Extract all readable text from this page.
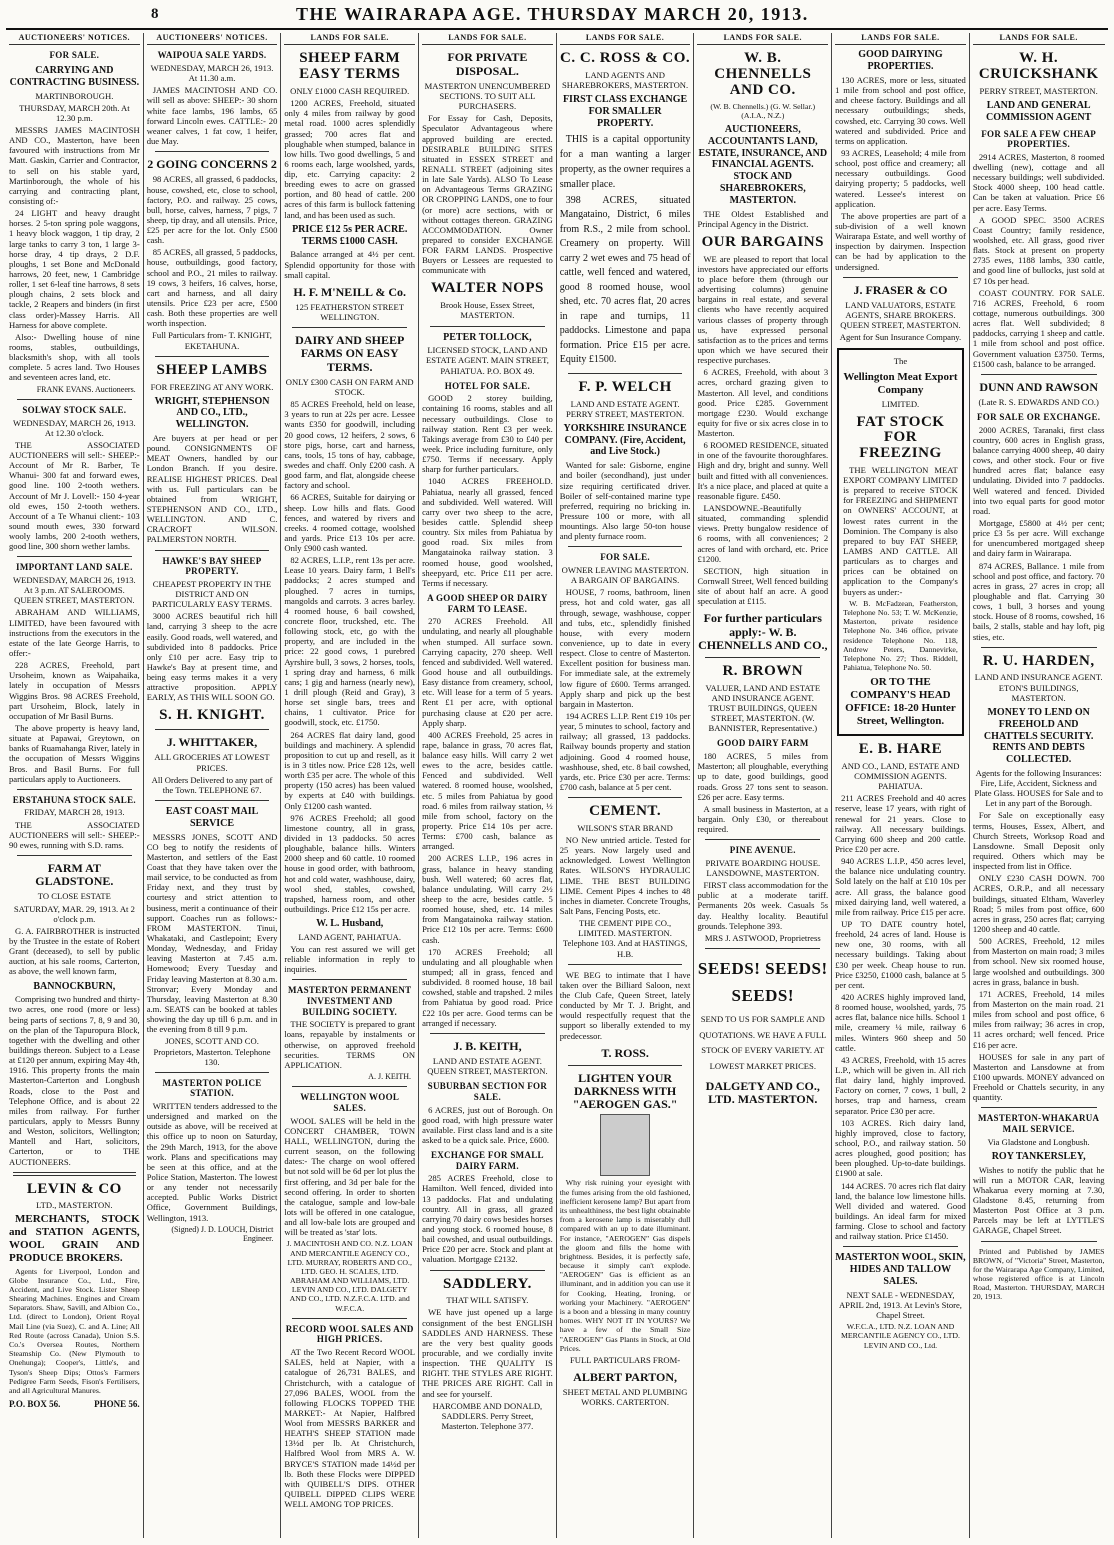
8	THE WAIRARAPA AGE. THURSDAY MARCH 20, 1913.
AUCTIONEERS' NOTICES.
FOR SALE.
CARRYING AND CONTRACTING BUSINESS.
MARTINBOROUGH.
THURSDAY, MARCH 20th. At 12.30 p.m.
MESSRS JAMES MACINTOSH AND CO., Masterton, have been favoured with instructions from Mr Matt. Gaskin, Carrier and Contractor, to sell on his stable yard, Martinborough, the whole of his carrying and contracting plant, consisting of:-
24 LIGHT and heavy draught horses. 2 5-ton spring pole waggons, 1 heavy block waggon, 1 tip dray, 2 large tanks to carry 3 ton, 1 large 3-horse dray, 4 tip drays, 2 D.F. ploughs, 1 set Bone and McDonald harrows, 20 feet, new, 1 Cambridge roller, 1 set 6-leaf tine harrows, 8 sets plough chains, 2 sets block and tackle, 2 Reapers and binders (in first class order)-Massey Harris. All Harness for above complete.
Also:- Dwelling house of nine rooms, stables, outbuildings, blacksmith's shop, with all tools complete. 5 acres land. Two Houses and seventeen acres land, etc.
FRANK EVANS. Auctioneers.
SOLWAY STOCK SALE.
WEDNESDAY, MARCH 26, 1913. At 12.30 o'clock.
THE ASSOCIATED AUCTIONEERS will sell:- SHEEP:- Account of Mr R. Barber, Te Whanui- 300 fat and forward ewes, good line. 100 2-tooth wethers. Account of Mr J. Lovell:- 150 4-year old ewes, 150 2-tooth wethers. Account of a Te Whanui client:- 103 sound mouth ewes, 330 forward wooly lambs, 200 2-tooth wethers, good line, 300 shorn wether lambs.
IMPORTANT LAND SALE.
WEDNESDAY, MARCH 26, 1913. At 3 p.m. AT SALEROOMS. QUEEN STREET, MASTERTON.
ABRAHAM AND WILLIAMS, LIMITED, have been favoured with instructions from the executors in the estate of the late George Harris, to offer:-
228 ACRES, Freehold, part Ursoheim, known as Waipahaika, lately in occupation of Messrs Wiggins Bros. 98 ACRES Freehold, part Ursoheim, Block, lately in occupation of Mr Basil Burns.
The above property is heavy land, situate at Papawai, Greytown, on banks of Ruamahanga River, lately in the occupation of Messrs Wiggins Bros. and Basil Burns. For full particulars apply to Auctioneers.
ERSTAHUNA STOCK SALE.
FRIDAY, MARCH 28, 1913.
THE ASSOCIATED AUCTIONEERS will sell:- SHEEP:- 90 ewes, running with S.D. rams.
FARM AT GLADSTONE.
TO CLOSE ESTATE
SATURDAY, MAR. 29, 1913. At 2 o'clock p.m.
G. A. FAIRBROTHER is instructed by the Trustee in the estate of Robert Grant (deceased), to sell by public auction, at his sale rooms, Carterton, as above, the well known farm,
BANNOCKBURN,
Comprising two hundred and thirty-two acres, one rood (more or less) being parts of sections 7, 8, 9 and 30, on the plan of the Tapuropura Block, together with the dwelling and other buildings thereon. Subject to a Lease at £120 per annum, expiring May 4th, 1916. This property fronts the main Masterton-Carterton and Longbush Roads, close to the Post and Telephone Office, and is about 22 miles from railway. For further particulars, apply to Messrs Bunny and Weston, solicitors, Wellington; Mantell and Hart, solicitors, Carterton, or to THE AUCTIONEERS.
LEVIN & CO
LTD., MASTERTON.
MERCHANTS, STOCK and STATION AGENTS, WOOL GRAIN AND PRODUCE BROKERS.
Agents for Liverpool, London and Globe Insurance Co., Ltd., Fire, Accident, and Live Stock. Lister Sheep Shearing Machines. Engines and Cream Separators. Shaw, Savill, and Albion Co., Ltd. (direct to London), Orient Royal Mail Line (via Suez), C. and A. Line; All Red Route (across Canada), Union S.S. Co.'s Oversea Routes, Northern Steamship Co. (New Plymouth to Onehunga); Cooper's, Little's, and Tyson's Sheep Dips; Ottos's Farmers Pedigree Farm Seeds, Fison's Fertilisers, and all Agricultural Manures.
P.O. BOX 56.	PHONE 56.
AUCTIONEERS' NOTICES.
WAIPOUA SALE YARDS.
WEDNESDAY, MARCH 26, 1913. At 11.30 a.m.
JAMES MACINTOSH AND CO. will sell as above: SHEEP:- 30 shorn white face lambs, 196 lambs, 65 forward Lincoln ewes. CATTLE:- 20 weaner calves, 1 fat cow, 1 heifer, due May.
2 GOING CONCERNS 2
98 ACRES, all grassed, 6 paddocks, house, cowshed, etc, close to school, factory, P.O. and railway. 25 cows, bull, horse, calves, harness, 7 pigs, 7 sheep, tip dray, and all utensils. Price, £25 per acre for the lot. Only £500 cash.
85 ACRES, all grassed, 5 paddocks, house, outbuildings, good factory, school and P.O., 21 miles to railway. 19 cows, 3 heifers, 16 calves, horse, cart and harness, and all dairy utensils. Price £23 per acre, £500 cash. Both these properties are well worth inspection.
Full Particulars from- T. KNIGHT, EKETAHUNA.
SHEEP LAMBS
FOR FREEZING AT ANY WORK.
WRIGHT, STEPHENSON AND CO., LTD., WELLINGTON.
Are buyers at per head or per pound. CONSIGNMENTS OF MEAT Owners, handled by our London Branch. If you desire. REALISE HIGHEST PRICES. Deal with us. Full particulars can be obtained from WRIGHT, STEPHENSON AND CO., LTD., WELLINGTON. AND C. CRACROFT WILSON. PALMERSTON NORTH.
HAWKE'S BAY SHEEP PROPERTY.
CHEAPEST PROPERTY IN THE DISTRICT AND ON PARTICULARLY EASY TERMS.
3000 ACRES beautiful rich hill land, carrying 3 sheep to the acre easily. Good roads, well watered, and subdivided into 8 paddocks. Price only £10 per acre. Easy trip to Hawke's Bay at present time, and being easy terms makes it a very attractive proposition. APPLY EARLY, AS THIS WILL SOON GO.
S. H. KNIGHT.
J. WHITTAKER,
ALL GROCERIES AT LOWEST PRICES.
All Orders Delivered to any part of the Town. TELEPHONE 67.
EAST COAST MAIL SERVICE
MESSRS JONES, SCOTT AND CO beg to notify the residents of Masterton, and settlers of the East Coast that they have taken over the mail service, to be conducted as from Friday next, and they trust by courtesy and strict attention to business, merit a continuance of their support. Coaches run as follows:- FROM MASTERTON. Tinui, Whakataki, and Castlepoint; Every Monday, Wednesday, and Friday leaving Masterton at 7.45 a.m. Homewood; Every Tuesday and Friday leaving Masterton at 8.30 a.m. Stronvar; Every Monday and Thursday, leaving Masterton at 8.30 a.m. SEATS can be booked at tables showing the day up till 6 p.m. and in the evening from 8 till 9 p.m.
JONES, SCOTT AND CO. Proprietors, Masterton. Telephone 130.
MASTERTON POLICE STATION.
WRITTEN tenders addressed to the undersigned and marked on the outside as above, will be received at this office up to noon on Saturday, the 29th March, 1913, for the above work. Plans and specifications may be seen at this office, and at the Police Station, Masterton. The lowest or any tender not necessarily accepted. Public Works District Office, Government Buildings, Wellington, 1913.
(Signed) J. D. LOUCH, District Engineer.
LANDS FOR SALE.
SHEEP FARM EASY TERMS
ONLY £1000 CASH REQUIRED.
1200 ACRES, Freehold, situated only 4 miles from railway by good metal road. 1000 acres splendidly grassed; 700 acres flat and ploughable when stumped, balance in low hills. Two good dwellings, 5 and 6 rooms each, large woolshed, yards, dip, etc. Carrying capacity: 2 breeding ewes to acre on grassed portion, and 80 head of cattle. 200 acres of this farm is bullock fattening land, and has been used as such.
PRICE £12 5s PER ACRE. TERMS £1000 CASH.
Balance arranged at 4½ per cent. Splendid opportunity for those with small capital.
H. F. M'NEILL & Co.
125 FEATHERSTON STREET WELLINGTON.
DAIRY AND SHEEP FARMS ON EASY TERMS.
ONLY £300 CASH ON FARM AND STOCK.
85 ACRES Freehold, held on lease, 3 years to run at 22s per acre. Lessee wants £350 for goodwill, including 20 good cows, 12 heifers, 2 sows, 6 store pigs, horse, cart and harness, cans, tools, 15 tons of hay, cabbage, swedes and chaff. Only £200 cash. A good farm, and flat, alongside cheese factory and school.
66 ACRES, Suitable for dairying or sheep. Low hills and flats. Good fences, and watered by rivers and creeks. 4 roomed cottage, woolshed and yards. Price £13 10s per acre. Only £900 cash wanted.
82 ACRES, L.I.P., rent 13s per acre. Lease 10 years. Dairy farm, 1 Bell's paddocks; 2 acres stumped and ploughed. 7 acres in turnips, mangolds and carrots. 3 acres barley. 4 roomed house, 6 bail cowshed, concrete floor, truckshed, etc. The following stock, etc, go with the property, and are included in the price: 22 good cows, 1 purebred Ayrshire bull, 3 sows, 2 horses, tools, 1 spring dray and harness, 6 milk cans; 1 gig and harness (nearly new), 1 drill plough (Reid and Gray), 3 horse set single bars, trees and chains, 1 cultivator. Price for goodwill, stock, etc. £1750.
264 ACRES flat dairy land, good buildings and machinery. A splendid proposition to cut up and resell, as it is in 3 titles now. Price £28 12s, well worth £35 per acre. The whole of this property (150 acres) has been valued by experts at £40 with buildings. Only £1200 cash wanted.
976 ACRES Freehold; all good limestone country, all in grass, divided in 13 paddocks. 50 acres ploughable, balance hills. Winters 2000 sheep and 60 cattle. 10 roomed house in good order, with bathroom, hot and cold water, washhouse, dairy, wool shed, stables, cowshed, trapshed, harness room, and other outbuildings. Price £12 15s per acre.
W. L. Husband,
LAND AGENT, PAHIATUA.
You can rest assured we will get reliable information in reply to inquiries.
MASTERTON PERMANENT INVESTMENT AND BUILDING SOCIETY.
THE SOCIETY is prepared to grant loans, repayable by instalments or otherwise, on approved freehold securities. TERMS ON APPLICATION.
A. J. KEITH.
WELLINGTON WOOL SALES.
WOOL SALES will be held in the CONCERT CHAMBER, TOWN HALL, WELLINGTON, during the current season, on the following dates:- The charge on wool offered but not sold will be 6d per lot plus the first offering, and 3d per bale for the second offering. In order to shorten the catalogue, sample and low-bale lots will be offered in one catalogue, and all low-bale lots are grouped and will be treated as 'star' lots.
J. MACINTOSH AND CO. N.Z. LOAN AND MERCANTILE AGENCY CO., LTD. MURRAY, ROBERTS AND CO., LTD. GEO. H. SCALES, LTD. ABRAHAM AND WILLIAMS, LTD. LEVIN AND CO., LTD. DALGETY AND CO., LTD. N.Z.F.C.A. LTD. and W.F.C.A.
RECORD WOOL SALES AND HIGH PRICES.
AT the Two Recent Record WOOL SALES, held at Napier, with a catalogue of 26,731 BALES, and Christchurch, with a catalogue of 27,096 BALES, WOOL from the following FLOCKS TOPPED THE MARKET:- At Napier, Halfbred Wool from MESSRS BARKER and HEATH'S SHEEP STATION made 13½d per lb. At Christchurch, Halfbred Wool from MRS A. W. BRYCE'S STATION made 14½d per lb. Both these Flocks were DIPPED with QUIBELL'S DIPS. OTHER QUIBELL DIPPED CLIPS WERE WELL AMONG TOP PRICES.
LANDS FOR SALE.
FOR PRIVATE DISPOSAL.
MASTERTON UNENCUMBERED SECTIONS. TO SUIT ALL PURCHASERS.
For Essay for Cash, Deposits, Speculator Advantageous where approved building are erected. DESIRABLE BUILDING SITES situated in ESSEX STREET and RENALL STREET (adjoining sites in late Sale Yards). ALSO To Lease on Advantageous Terms GRAZING OR CROPPING LANDS, one to four (or more) acre sections, with or without cottages thereon. GRAZING ACCOMMODATION. Owner prepared to consider EXCHANGE FOR FARM LANDS. Prospective Buyers or Lessees are requested to communicate with
WALTER NOPS
Brook House, Essex Street, MASTERTON.
PETER TOLLOCK,
LICENSED STOCK, LAND AND ESTATE AGENT. MAIN STREET, PAHIATUA. P.O. BOX 49.
HOTEL FOR SALE.
GOOD 2 storey building, containing 16 rooms, stables and all necessary outbuildings. Close to railway station. Rent £3 per week. Takings average from £30 to £40 per week. Price including furniture, only £750. Terms if necessary. Apply sharp for further particulars.
1040 ACRES FREEHOLD. Pahiatua, nearly all grassed, fenced and subdivided. Well watered. Will carry over two sheep to the acre, besides cattle. Splendid sheep country. Six miles from Pahiatua by good road. Six miles from Mangatainoka railway station. 3 roomed house, good woolshed, sheepyard, etc. Price £11 per acre. Terms if necessary.
A GOOD SHEEP OR DAIRY FARM TO LEASE.
270 ACRES Freehold. All undulating, and nearly all ploughable when stumped. All surface sown. Carrying capacity, 270 sheep. Well fenced and subdivided. Well watered. Good house and all outbuildings. Easy distance from creamery, school, etc. Will lease for a term of 5 years. Rent £1 per acre, with optional purchasing clause at £20 per acre. Apply sharp.
400 ACRES Freehold, 25 acres in rape, balance in grass, 70 acres flat, balance easy hills. Will carry 2 wet ewes to the acre, besides cattle. Fenced and subdivided. Well watered. 8 roomed house, woolshed, etc. 5 miles from Pahiatua by good road. 6 miles from railway station, ½ mile from school, factory on the property. Price £14 10s per acre. Terms: £700 cash, balance as arranged.
200 ACRES L.I.P., 196 acres in grass, balance in heavy standing bush. Well watered; 60 acres flat, balance undulating. Will carry 2½ sheep to the acre, besides cattle. 5 roomed house, shed, etc. 14 miles from Mangatainoka railway station. Price £12 10s per acre. Terms: £600 cash.
170 ACRES Freehold; all undulating and all ploughable when stumped; all in grass, fenced and subdivided. 8 roomed house, 18 bail cowshed, stable and trapshed. 2 miles from Pahiatua by good road. Price £22 10s per acre. Good terms can be arranged if necessary.
J. B. KEITH,
LAND AND ESTATE AGENT. QUEEN STREET, MASTERTON.
SUBURBAN SECTION FOR SALE.
6 ACRES, just out of Borough. On good road, with high pressure water available. First class land and is a site asked to be a quick sale. Price, £600.
EXCHANGE FOR SMALL DAIRY FARM.
285 ACRES Freehold, close to Hamilton. Well fenced, divided into 13 paddocks. Flat and undulating country. All in grass, all grazed carrying 70 dairy cows besides horses and young stock. 6 roomed house, 8 bail cowshed, and usual outbuildings. Price £20 per acre. Stock and plant at valuation. Mortgage £2132.
SADDLERY.
THAT WILL SATISFY.
WE have just opened up a large consignment of the best ENGLISH SADDLES AND HARNESS. These are the very best quality goods procurable, and we cordially invite inspection. THE QUALITY IS RIGHT. THE STYLES ARE RIGHT. THE PRICES ARE RIGHT. Call in and see for yourself.
HARCOMBE AND DONALD, SADDLERS. Perry Street, Masterton. Telephone 377.
LANDS FOR SALE.
C. C. ROSS & CO.
LAND AGENTS AND SHAREBROKERS, MASTERTON.
FIRST CLASS EXCHANGE FOR SMALLER PROPERTY.
THIS is a capital opportunity for a man wanting a larger property, as the owner requires a smaller place.
398 ACRES, situated Mangataino, District, 6 miles from R.S., 2 mile from school. Creamery on property. Will carry 2 wet ewes and 75 head of cattle, well fenced and watered, good 8 roomed house, wool shed, etc. 70 acres flat, 20 acres in rape and turnips, 11 paddocks. Limestone and papa formation. Price £15 per acre. Equity £1500.
F. P. WELCH
LAND AND ESTATE AGENT. PERRY STREET, MASTERTON.
YORKSHIRE INSURANCE COMPANY. (Fire, Accident, and Live Stock.)
Wanted for sale: Gisborne, engine and boiler (secondhand), just under size requiring certificated driver. Boiler of self-contained marine type preferred, requiring no bricking in. Pressure 100 or more, with all mountings. Also large 50-ton house and plenty furnace room.
FOR SALE.
OWNER LEAVING MASTERTON. A BARGAIN OF BARGAINS.
HOUSE, 7 rooms, bathroom, linen press, hot and cold water, gas all through, sewage, washhouse, copper and tubs, etc., splendidly finished house, with every modern convenience, up to date in every respect. Close to centre of Masterton. Excellent position for business man. For immediate sale, at the extremely low figure of £600. Terms arranged. Apply sharp and pick up the best bargain in Masterton.
194 ACRES L.I.P. Rent £19 10s per year, 5 minutes to school, factory and railway; all grassed, 13 paddocks. Railway bounds property and station adjoining. Good 4 roomed house, washhouse, shed, etc. 8 bail cowshed, yards, etc. Price £30 per acre. Terms: £700 cash, balance at 5 per cent.
CEMENT.
WILSON'S STAR BRAND
NO New untried article. Tested for 25 years. Now largely used and acknowledged. Lowest Wellington Rates. WILSON'S HYDRAULIC LIME. THE BEST BUILDING LIME. Cement Pipes 4 inches to 48 inches in diameter. Concrete Troughs, Salt Pans, Fencing Posts, etc.
THE CEMENT PIPE CO., LIMITED. MASTERTON. Telephone 103. And at HASTINGS, H.B.
WE BEG to intimate that I have taken over the Billiard Saloon, next the Club Cafe, Queen Street, lately conducted by Mr T. J. Bright, and would respectfully request that the support so liberally extended to my predecessor.
T. ROSS.
LIGHTEN YOUR DARKNESS WITH "AEROGEN GAS."
Why risk ruining your eyesight with the fumes arising from the old fashioned, inefficient kerosene lamp? But apart from its unhealthiness, the best light obtainable from a kerosene lamp is miserably dull compared with an up to date illuminant. For instance, "AEROGEN" Gas dispels the gloom and fills the home with brightness. Besides, it is perfectly safe, because it simply can't explode. "AEROGEN" Gas is efficient as an illuminant, and in addition you can use it for Cooking, Heating, Ironing, or working your Machinery. "AEROGEN" is a boon and a blessing in many country homes. WHY NOT IT IN YOURS? We have a few of the Small Size "AEROGEN" Gas Plants in Stock, at Old Prices.
FULL PARTICULARS FROM-
ALBERT PARTON,
SHEET METAL AND PLUMBING WORKS. CARTERTON.
LANDS FOR SALE.
W. B. CHENNELLS AND CO.
(W. B. Chennells.) (G. W. Sellar.) (A.I.A., N.Z.)
AUCTIONEERS, ACCOUNTANTS LAND, ESTATE, INSURANCE, AND FINANCIAL AGENTS. STOCK AND SHAREBROKERS, MASTERTON.
THE Oldest Established and Principal Agency in the District.
OUR BARGAINS
WE are pleased to report that local investors have appreciated our efforts to place before them (through our advertising columns) genuine bargains in real estate, and several clients who have recently acquired various classes of property through us, have expressed personal satisfaction as to the prices and terms upon which we have secured their respective purchases.
6 ACRES, Freehold, with about 3 acres, orchard grazing given to Masterton. All level, and conditions good. Price £285. Government mortgage £230. Would exchange equity for five or six acres close in to Masterton.
6 ROOMED RESIDENCE, situated in one of the favourite thoroughfares. High and dry, bright and sunny. Well built and fitted with all conveniences. It's a nice place, and placed at quite a reasonable figure. £450.
LANSDOWNE.-Beautifully situated, commanding splendid views. Pretty bungalow residence of 6 rooms, with all conveniences; 2 acres of land with orchard, etc. Price £1200.
SECTION, high situation in Cornwall Street, Well fenced building site of about half an acre. A good speculation at £115.
For further particulars apply:- W. B. CHENNELLS AND CO.,
R. BROWN
VALUER, LAND AND ESTATE AND INSURANCE AGENT. TRUST BUILDINGS, QUEEN STREET, MASTERTON. (W. BANNISTER, Representative.)
GOOD DAIRY FARM
180 ACRES, 5 miles from Masterton; all ploughable, everything up to date, good buildings, good roads. Gross 27 tons sent to season. £26 per acre. Easy terms.
A small business in Masterton, at a bargain. Only £30, or thereabout required.
PINE AVENUE.
PRIVATE BOARDING HOUSE. LANSDOWNE, MASTERTON.
FIRST class accommodation for the public at a moderate tariff. Permanents 20s week. Casuals 5s day. Healthy locality. Beautiful grounds. Telephone 393.
MRS J. ASTWOOD, Proprietress
SEEDS! SEEDS! SEEDS!
SEND TO US FOR SAMPLE AND QUOTATIONS. WE HAVE A FULL STOCK OF EVERY VARIETY. AT LOWEST MARKET PRICES.
DALGETY AND CO., LTD. MASTERTON.
LANDS FOR SALE.
GOOD DAIRYING PROPERTIES.
130 ACRES, more or less, situated 1 mile from school and post office, and cheese factory. Buildings and all necessary outbuildings; sheds, cowshed, etc. Carrying 30 cows. Well watered and subdivided. Price and terms on application.
93 ACRES, Leasehold; 4 mile from school, post office and creamery; all necessary outbuildings. Good dairying property; 5 paddocks, well watered. Lessee's interest on application.
The above properties are part of a sub-division of a well known Wairarapa Estate, and well worthy of inspection by dairymen. Inspection can be had by application to the undersigned.
J. FRASER & CO
LAND VALUATORS, ESTATE AGENTS, SHARE BROKERS. QUEEN STREET, MASTERTON.
Agent for Sun Insurance Company.
The
Wellington Meat Export Company
LIMITED.
FAT STOCK FOR FREEZING
THE WELLINGTON MEAT EXPORT COMPANY LIMITED is prepared to receive STOCK for FREEZING and SHIPMENT on OWNERS' ACCOUNT, at lowest rates current in the Dominion. The Company is also prepared to buy FAT SHEEP, LAMBS AND CATTLE. All particulars as to charges and prices can be obtained on application to the Company's buyers as under:-
W. B. McFadzean, Featherston, Telephone No. 53; T. W. McKenzie, Masterton, private residence Telephone No. 346 office, private residence Telephone No. 118, Andrew Peters, Dannevirke, Telephone No. 27; Thos. Riddell, Pahiatua, Telephone No. 50.
OR TO THE COMPANY'S HEAD OFFICE: 18-20 Hunter Street, Wellington.
E. B. HARE
AND CO., LAND, ESTATE AND COMMISSION AGENTS. PAHIATUA.
211 ACRES Freehold and 40 acres reserve, lease 17 years, with right of renewal for 21 years. Close to railway. All necessary buildings. Carrying 600 sheep and 200 cattle. Price £20 per acre.
940 ACRES L.I.P., 450 acres level, the balance nice undulating country. Sold lately on the half at £10 10s per acre. All grass, the balance good mixed dairying land, well watered, a mile from railway. Price £15 per acre.
UP TO DATE country hotel, freehold, 24 acres of land. House is new one, 30 rooms, with all necessary buildings. Taking about £30 per week. Cheap house to run. Price £3250, £1000 cash, balance at 5 per cent.
420 ACRES highly improved land, 8 roomed house, woolshed, yards, 75 acres flat, balance nice hills. School 1 mile, creamery ¼ mile, railway 6 miles. Winters 960 sheep and 50 cattle.
43 ACRES, Freehold, with 15 acres L.P., which will be given in. All rich flat dairy land, highly improved. Factory on corner, 7 cows, 1 bull, 2 horses, trap and harness, cream separator. Price £30 per acre.
103 ACRES. Rich dairy land, highly improved, close to factory, school, P.O., and railway station. 50 acres ploughed, good position; has been ploughed. Up-to-date buildings. £1900 at sale.
144 ACRES. 70 acres rich flat dairy land, the balance low limestone hills. Well divided and watered. Good buildings. An ideal farm for mixed farming. Close to school and factory and railway station. Price £1450.
MASTERTON WOOL, SKIN, HIDES AND TALLOW SALES.
NEXT SALE - WEDNESDAY, APRIL 2nd, 1913. At Levin's Store, Chapel Street.
W.F.C.A., LTD. N.Z. LOAN AND MERCANTILE AGENCY CO., LTD. LEVIN AND CO., Ltd.
LANDS FOR SALE.
W. H. CRUICKSHANK
PERRY STREET, MASTERTON.
LAND AND GENERAL COMMISSION AGENT
FOR SALE A FEW CHEAP PROPERTIES.
2914 ACRES, Masterton, 8 roomed dwelling (new), cottage and all necessary buildings; well subdivided. Stock 4000 sheep, 100 head cattle. Can be taken at valuation. Price £6 per acre. Easy Terms.
A GOOD SPEC. 3500 ACRES Coast Country; family residence, woolshed, etc. All grass, good river flats. Stock at present on property 2735 ewes, 1188 lambs, 330 cattle, and good line of bullocks, just sold at £7 10s per head.
COAST COUNTRY. FOR SALE. 716 ACRES, Freehold, 6 room cottage, numerous outbuildings. 300 acres flat. Well subdivided; 8 paddocks, carrying 1 sheep and cattle. 1 mile from school and post office. Government valuation £3750. Terms, £1500 cash, balance to be arranged.
DUNN AND RAWSON
(Late R. S. EDWARDS AND CO.)
FOR SALE OR EXCHANGE.
2000 ACRES, Taranaki, first class country, 600 acres in English grass, balance carrying 4000 sheep, 40 dairy cows, and other stock. Four or five hundred acres flat; balance easy undulating. Divided into 7 paddocks. Well watered and fenced. Divided into two equal parts for good motor road.
Mortgage, £5800 at 4½ per cent; price £3 5s per acre. Will exchange for unencumbered mortgaged sheep and dairy farm in Wairarapa.
874 ACRES, Ballance. 1 mile from school and post office, and factory. 70 acres in grass, 27 acres in crop; all ploughable and flat. Carrying 30 cows, 1 bull, 3 horses and young stock. House of 8 rooms, cowshed, 16 bails, 2 stalls, stable and hay loft, pig sties, etc.
R. U. HARDEN,
LAND AND INSURANCE AGENT. ETON'S BUILDINGS, MASTERTON.
MONEY TO LEND ON FREEHOLD AND CHATTELS SECURITY. RENTS AND DEBTS COLLECTED.
Agents for the following Insurances: Fire, Life, Accident, Sickness and Plate Glass. HOUSES for Sale and to Let in any part of the Borough.
For Sale on exceptionally easy terms, Houses, Essex, Albert, and Church Streets, Worksop Road and Lansdowne. Small Deposit only required. Others which may be inspected from list in Office.
ONLY £230 CASH DOWN. 700 ACRES, O.R.P., and all necessary buildings, situated Eltham, Waverley Road; 5 miles from post office, 600 acres in grass, 250 acres flat; carrying 1200 sheep and 40 cattle.
500 ACRES, Freehold, 12 miles from Masterton on main road; 3 miles from school. New six roomed house, large woolshed and outbuildings. 300 acres in grass, balance in bush.
171 ACRES, Freehold, 14 miles from Masterton on the main road. 21 miles from school and post office, 6 miles from railway; 36 acres in crop, 11 acres orchard; well fenced. Price £16 per acre.
HOUSES for sale in any part of Masterton and Lansdowne at from £100 upwards. MONEY advanced on Freehold or Chattels security, in any quantity.
MASTERTON-WHAKARUA MAIL SERVICE.
Via Gladstone and Longbush.
ROY TANKERSLEY,
Wishes to notify the public that he will run a MOTOR CAR, leaving Whakarua every morning at 7.30, Gladstone 8.45, returning from Masterton Post Office at 3 p.m. Parcels may be left at LYTTLE'S GARAGE, Chapel Street.
Printed and Published by JAMES BROWN, of "Victoria" Street, Masterton, for the Wairarapa Age Company, Limited, whose registered office is at Lincoln Road, Masterton. THURSDAY, MARCH 20, 1913.
